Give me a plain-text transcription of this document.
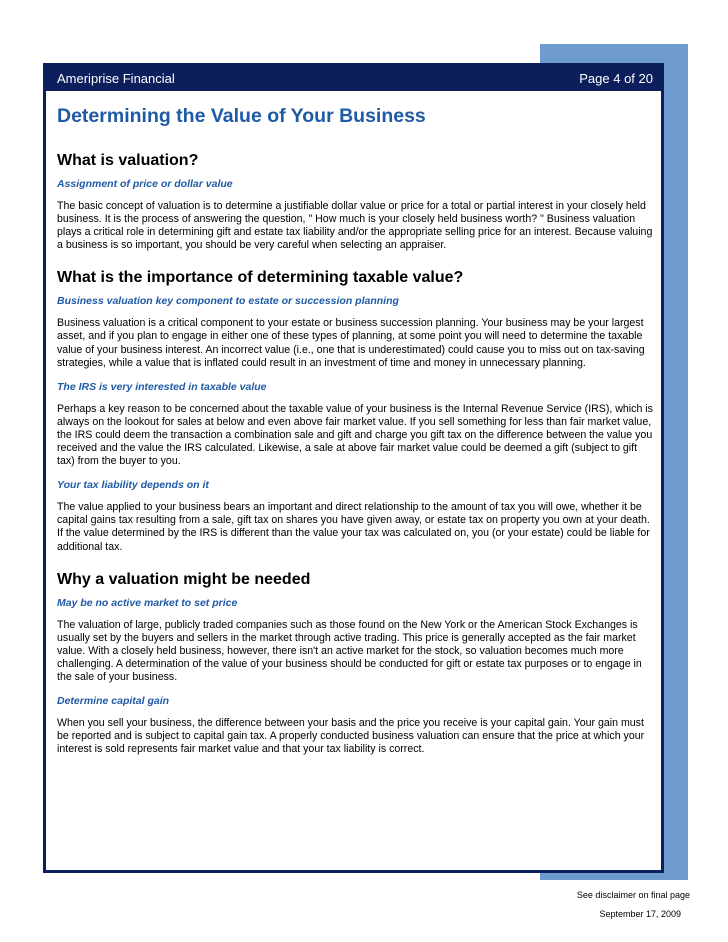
Ameriprise Financial	Page 4 of 20
Determining the Value of Your Business
What is valuation?
Assignment of price or dollar value
The basic concept of valuation is to determine a justifiable dollar value or price for a total or partial interest in your closely held business. It is the process of answering the question, " How much is your closely held business worth? " Business valuation plays a critical role in determining gift and estate tax liability and/or the appropriate selling price for an interest. Because valuing a business is so important, you should be very careful when selecting an appraiser.
What is the importance of determining taxable value?
Business valuation key component to estate or succession planning
Business valuation is a critical component to your estate or business succession planning. Your business may be your largest asset, and if you plan to engage in either one of these types of planning, at some point you will need to determine the taxable value of your business interest. An incorrect value (i.e., one that is underestimated) could cause you to miss out on tax-saving strategies, while a value that is inflated could result in an investment of time and money in unnecessary planning.
The IRS is very interested in taxable value
Perhaps a key reason to be concerned about the taxable value of your business is the Internal Revenue Service (IRS), which is always on the lookout for sales at below and even above fair market value. If you sell something for less than fair market value, the IRS could deem the transaction a combination sale and gift and charge you gift tax on the difference between the value you received and the value the IRS calculated. Likewise, a sale at above fair market value could be deemed a gift (subject to gift tax) from the buyer to you.
Your tax liability depends on it
The value applied to your business bears an important and direct relationship to the amount of tax you will owe, whether it be capital gains tax resulting from a sale, gift tax on shares you have given away, or estate tax on property you own at your death. If the value determined by the IRS is different than the value your tax was calculated on, you (or your estate) could be liable for additional tax.
Why a valuation might be needed
May be no active market to set price
The valuation of large, publicly traded companies such as those found on the New York or the American Stock Exchanges is usually set by the buyers and sellers in the market through active trading. This price is generally accepted as the fair market value. With a closely held business, however, there isn't an active market for the stock, so valuation becomes much more challenging. A determination of the value of your business should be conducted for gift or estate tax purposes or to engage in the sale of your business.
Determine capital gain
When you sell your business, the difference between your basis and the price you receive is your capital gain. Your gain must be reported and is subject to capital gain tax. A properly conducted business valuation can ensure that the price at which your interest is sold represents fair market value and that your tax liability is correct.
See disclaimer on final page
September 17, 2009
